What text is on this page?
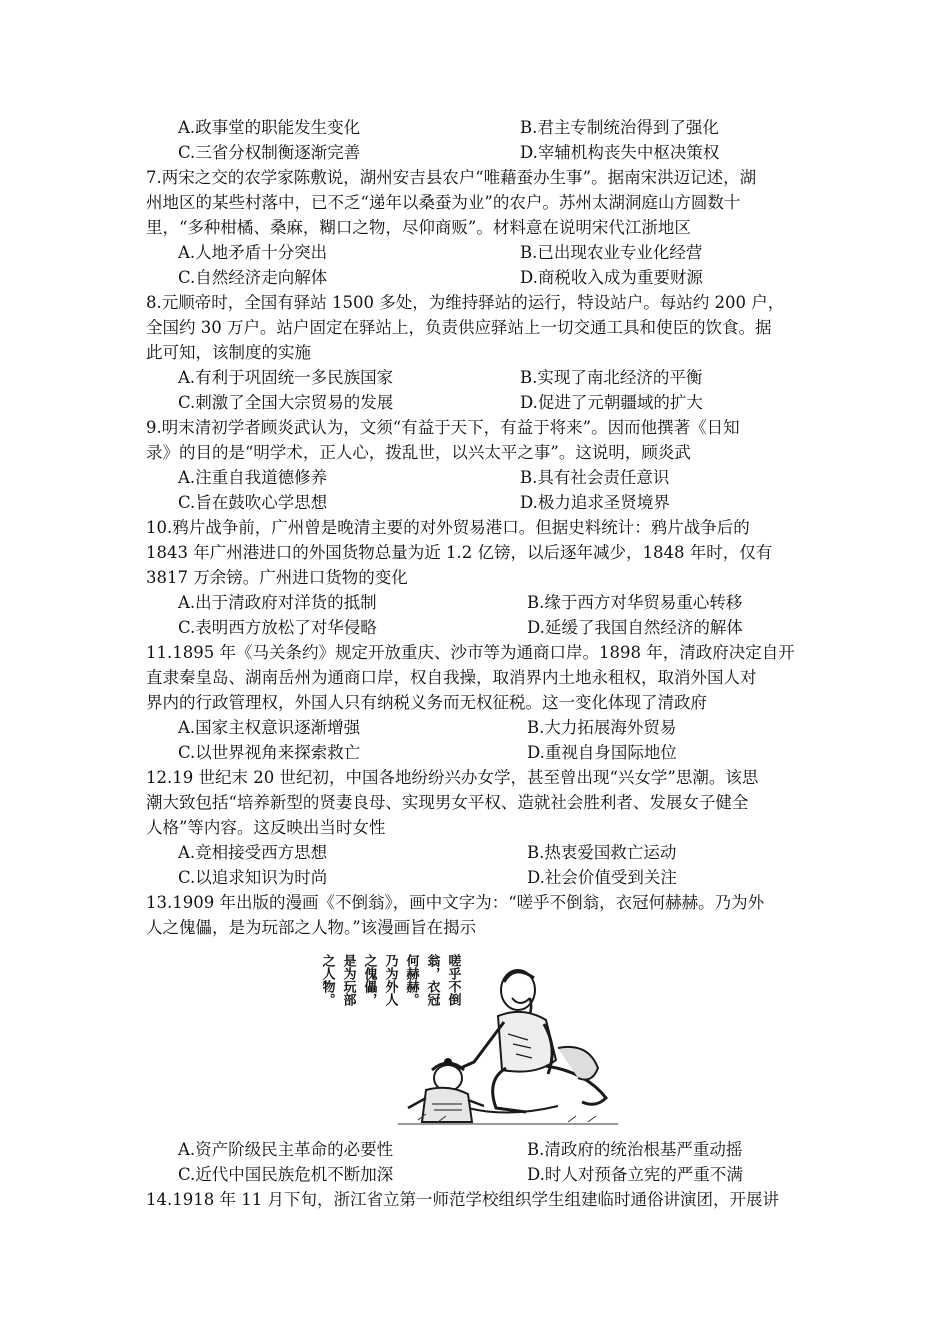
A.政事堂的职能发生变化	B.君主专制统治得到了强化
C.三省分权制衡逐渐完善	D.宰辅机构丧失中枢决策权
7.两宋之交的农学家陈敷说，湖州安吉县农户“唯藉蚕办生事”。据南宋洪迈记述，湖
州地区的某些村落中，已不乏“递年以桑蚕为业”的农户。苏州太湖洞庭山方圆数十
里，“多种柑橘、桑麻，糊口之物，尽仰商贩”。材料意在说明宋代江浙地区
A.人地矛盾十分突出	B.已出现农业专业化经营
C.自然经济走向解体	D.商税收入成为重要财源
8.元顺帝时，全国有驿站 1500 多处，为维持驿站的运行，特设站户。每站约 200 户，
全国约 30 万户。站户固定在驿站上，负责供应驿站上一切交通工具和使臣的饮食。据
此可知，该制度的实施
A.有利于巩固统一多民族国家	B.实现了南北经济的平衡
C.刺激了全国大宗贸易的发展	D.促进了元朝疆域的扩大
9.明末清初学者顾炎武认为，文须“有益于天下，有益于将来”。因而他撰著《日知
录》的目的是“明学术，正人心，拨乱世，以兴太平之事”。这说明，顾炎武
A.注重自我道德修养	B.具有社会责任意识
C.旨在鼓吹心学思想	D.极力追求圣贤境界
10.鸦片战争前，广州曾是晚清主要的对外贸易港口。但据史料统计：鸦片战争后的
1843 年广州港进口的外国货物总量为近 1.2 亿镑，以后逐年减少，1848 年时，仅有
3817 万余镑。广州进口货物的变化
A.出于清政府对洋货的抵制	B.缘于西方对华贸易重心转移
C.表明西方放松了对华侵略	D.延缓了我国自然经济的解体
11.1895 年《马关条约》规定开放重庆、沙市等为通商口岸。1898 年，清政府决定自开
直隶秦皇岛、湖南岳州为通商口岸，权自我操，取消界内土地永租权，取消外国人对
界内的行政管理权，外国人只有纳税义务而无权征税。这一变化体现了清政府
A.国家主权意识逐渐增强	B.大力拓展海外贸易
C.以世界视角来探索救亡	D.重视自身国际地位
12.19 世纪末 20 世纪初，中国各地纷纷兴办女学，甚至曾出现“兴女学”思潮。该思
潮大致包括“培养新型的贤妻良母、实现男女平权、造就社会胜利者、发展女子健全
人格”等内容。这反映出当时女性
A.竞相接受西方思想	B.热衷爱国救亡运动
C.以追求知识为时尚	D.社会价值受到关注
13.1909 年出版的漫画《不倒翁》，画中文字为：“嗟乎不倒翁，衣冠何赫赫。乃为外
人之傀儡，是为玩部之人物。”该漫画旨在揭示
嗟乎不倒
翁，衣冠
何赫赫。
乃为外人
之傀儡，
是为玩部
之人物。
A.资产阶级民主革命的必要性	B.清政府的统治根基严重动摇
C.近代中国民族危机不断加深	D.时人对预备立宪的严重不满
14.1918 年 11 月下旬，浙江省立第一师范学校组织学生组建临时通俗讲演团，开展讲
